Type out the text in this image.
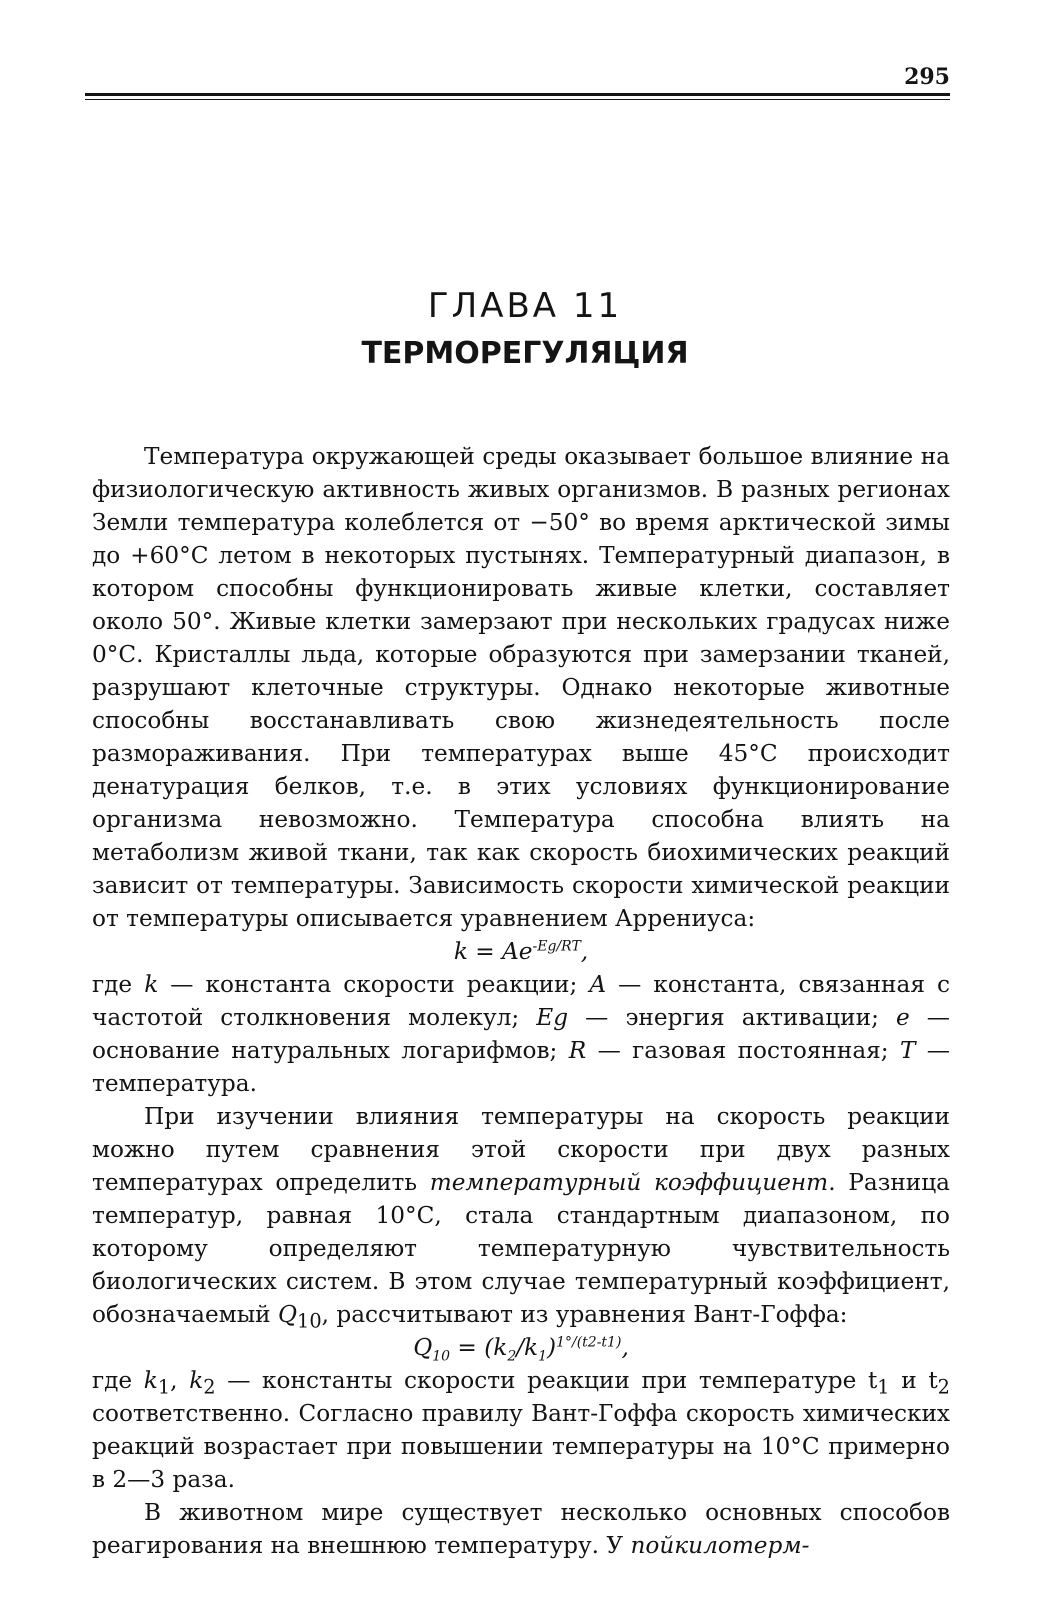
295
ГЛАВА 11
ТЕРМОРЕГУЛЯЦИЯ

Температура окружающей среды оказывает большое влияние на физиологическую активность живых организмов. В разных регионах Земли температура колеблется от −50° во время арктической зимы до +60°С летом в некоторых пустынях. Температурный диапазон, в котором способны функционировать живые клетки, составляет около 50°. Живые клетки замерзают при нескольких градусах ниже 0°С. Кристаллы льда, которые образуются при замерзании тканей, разрушают клеточные структуры. Однако некоторые животные способны восстанавливать свою жизнедеятельность после размораживания. При температурах выше 45°С происходит денатурация белков, т.е. в этих условиях функционирование организма невозможно. Температура способна влиять на метаболизм живой ткани, так как скорость биохимических реакций зависит от температуры. Зависимость скорости химической реакции от температуры описывается уравнением Аррениуса:

$k = Ae^{-Eg/RT}$,

где k — константа скорости реакции; A — константа, связанная с частотой столкновения молекул; Eg — энергия активации; e — основание натуральных логарифмов; R — газовая постоянная; T — температура.

При изучении влияния температуры на скорость реакции можно путем сравнения этой скорости при двух разных температурах определить температурный коэффициент. Разница температур, равная 10°С, стала стандартным диапазоном, по которому определяют температурную чувствительность биологических систем. В этом случае температурный коэффициент, обозначаемый $Q_{10}$, рассчитывают из уравнения Вант-Гоффа:

$Q_{10} = (k_2/k_1)^{1^\circ/(t2-t1)}$,

где $k_1$, $k_2$ — константы скорости реакции при температуре $t_1$ и $t_2$ соответственно. Согласно правилу Вант-Гоффа скорость химических реакций возрастает при повышении температуры на 10°С примерно в 2—3 раза.

В животном мире существует несколько основных способов реагирования на внешнюю температуру. У пойкилотерм-
